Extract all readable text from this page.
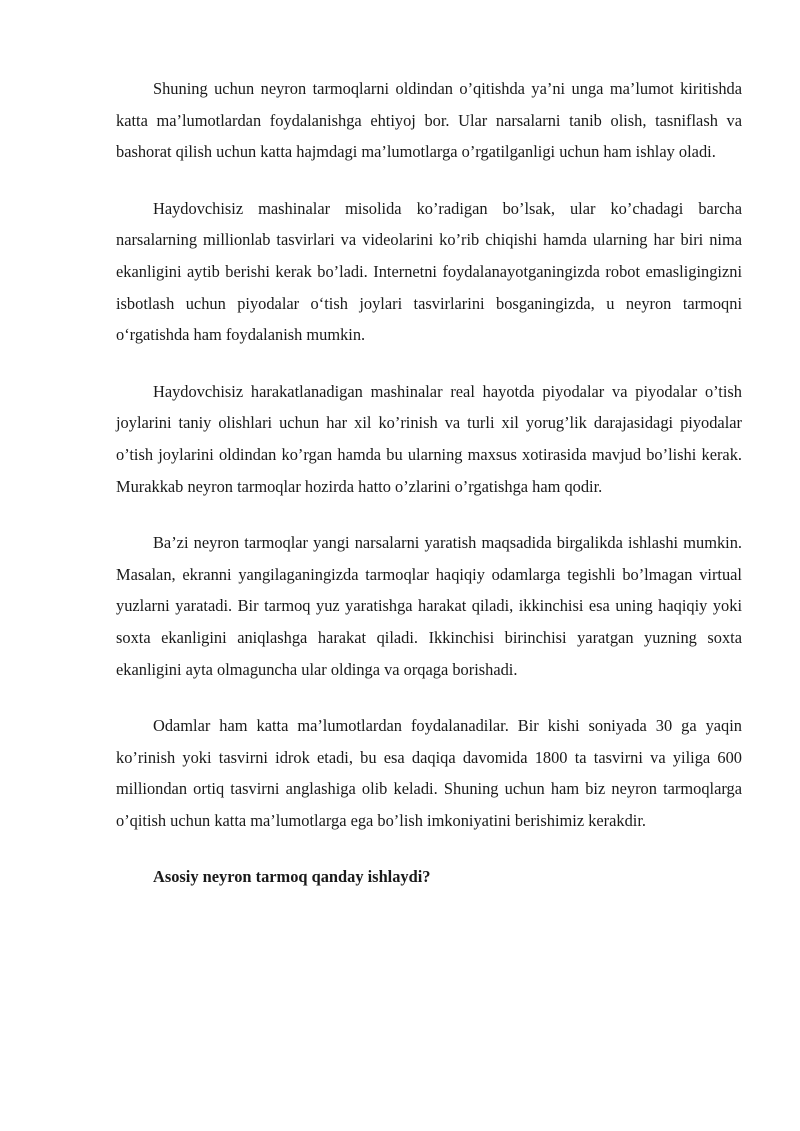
Shuning uchun neyron tarmoqlarni oldindan o’qitishda ya’ni unga ma’lumot kiritishda katta ma’lumotlardan foydalanishga ehtiyoj bor. Ular narsalarni tanib olish, tasniflash va bashorat qilish uchun katta hajmdagi ma’lumotlarga o’rgatilganligi uchun ham ishlay oladi.

Haydovchisiz mashinalar misolida ko’radigan bo’lsak, ular ko’chadagi barcha narsalarning millionlab tasvirlari va videolarini ko’rib chiqishi hamda ularning har biri nima ekanligini aytib berishi kerak bo’ladi. Internetni foydalanayotganingizda robot emasligingizni isbotlash uchun piyodalar o‘tish joylari tasvirlarini bosganingizda, u neyron tarmoqni o‘rgatishda ham foydalanish mumkin.

Haydovchisiz harakatlanadigan mashinalar real hayotda piyodalar va piyodalar o’tish joylarini taniy olishlari uchun har xil ko’rinish va turli xil yorug’lik darajasidagi piyodalar o’tish joylarini oldindan ko’rgan hamda bu ularning maxsus xotirasida mavjud bo’lishi kerak. Murakkab neyron tarmoqlar hozirda hatto o’zlarini o’rgatishga ham qodir.

Ba’zi neyron tarmoqlar yangi narsalarni yaratish maqsadida birgalikda ishlashi mumkin. Masalan, ekranni yangilaganingizda tarmoqlar haqiqiy odamlarga tegishli bo’lmagan virtual yuzlarni yaratadi. Bir tarmoq yuz yaratishga harakat qiladi, ikkinchisi esa uning haqiqiy yoki soxta ekanligini aniqlashga harakat qiladi. Ikkinchisi birinchisi yaratgan yuzning soxta ekanligini ayta olmaguncha ular oldinga va orqaga borishadi.

Odamlar ham katta ma’lumotlardan foydalanadilar. Bir kishi soniyada 30 ga yaqin ko’rinish yoki tasvirni idrok etadi, bu esa daqiqa davomida 1800 ta tasvirni va yiliga 600 milliondan ortiq tasvirni anglashiga olib keladi. Shuning uchun ham biz neyron tarmoqlarga o’qitish uchun katta ma’lumotlarga ega bo’lish imkoniyatini berishimiz kerakdir.

Asosiy neyron tarmoq qanday ishlaydi?
